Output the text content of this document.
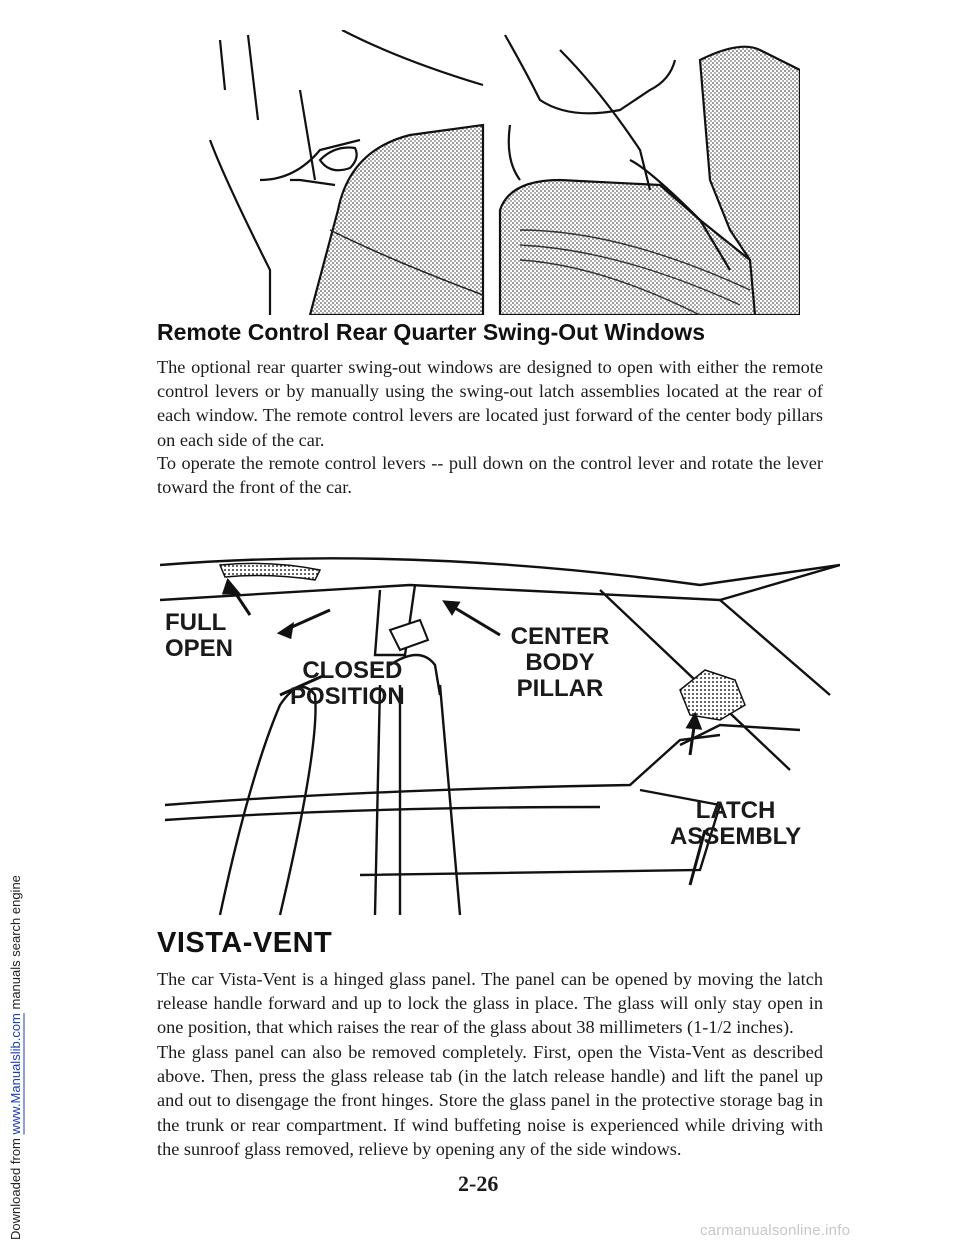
Downloaded from www.Manualslib.com manuals search engine
Remote Control Rear Quarter Swing-Out Windows

The optional rear quarter swing-out windows are designed to open with either the remote control levers or by manually using the swing-out latch assemblies located at the rear of each window. The remote control levers are located just forward of the center body pillars on each side of the car.

To operate the remote control levers -- pull down on the control lever and rotate the lever toward the front of the car.

FULL
OPEN
CLOSED
POSITION
CENTER
BODY
PILLAR
LATCH
ASSEMBLY
VISTA-VENT

The car Vista-Vent is a hinged glass panel. The panel can be opened by moving the latch release handle forward and up to lock the glass in place. The glass will only stay open in one position, that which raises the rear of the glass about 38 millimeters (1-1/2 inches).

The glass panel can also be removed completely. First, open the Vista-Vent as described above. Then, press the glass release tab (in the latch release handle) and lift the panel up and out to disengage the front hinges. Store the glass panel in the protective storage bag in the trunk or rear compartment. If wind buffeting noise is experienced while driving with the sunroof glass removed, relieve by opening any of the side windows.

2-26
carmanualsonline.info
